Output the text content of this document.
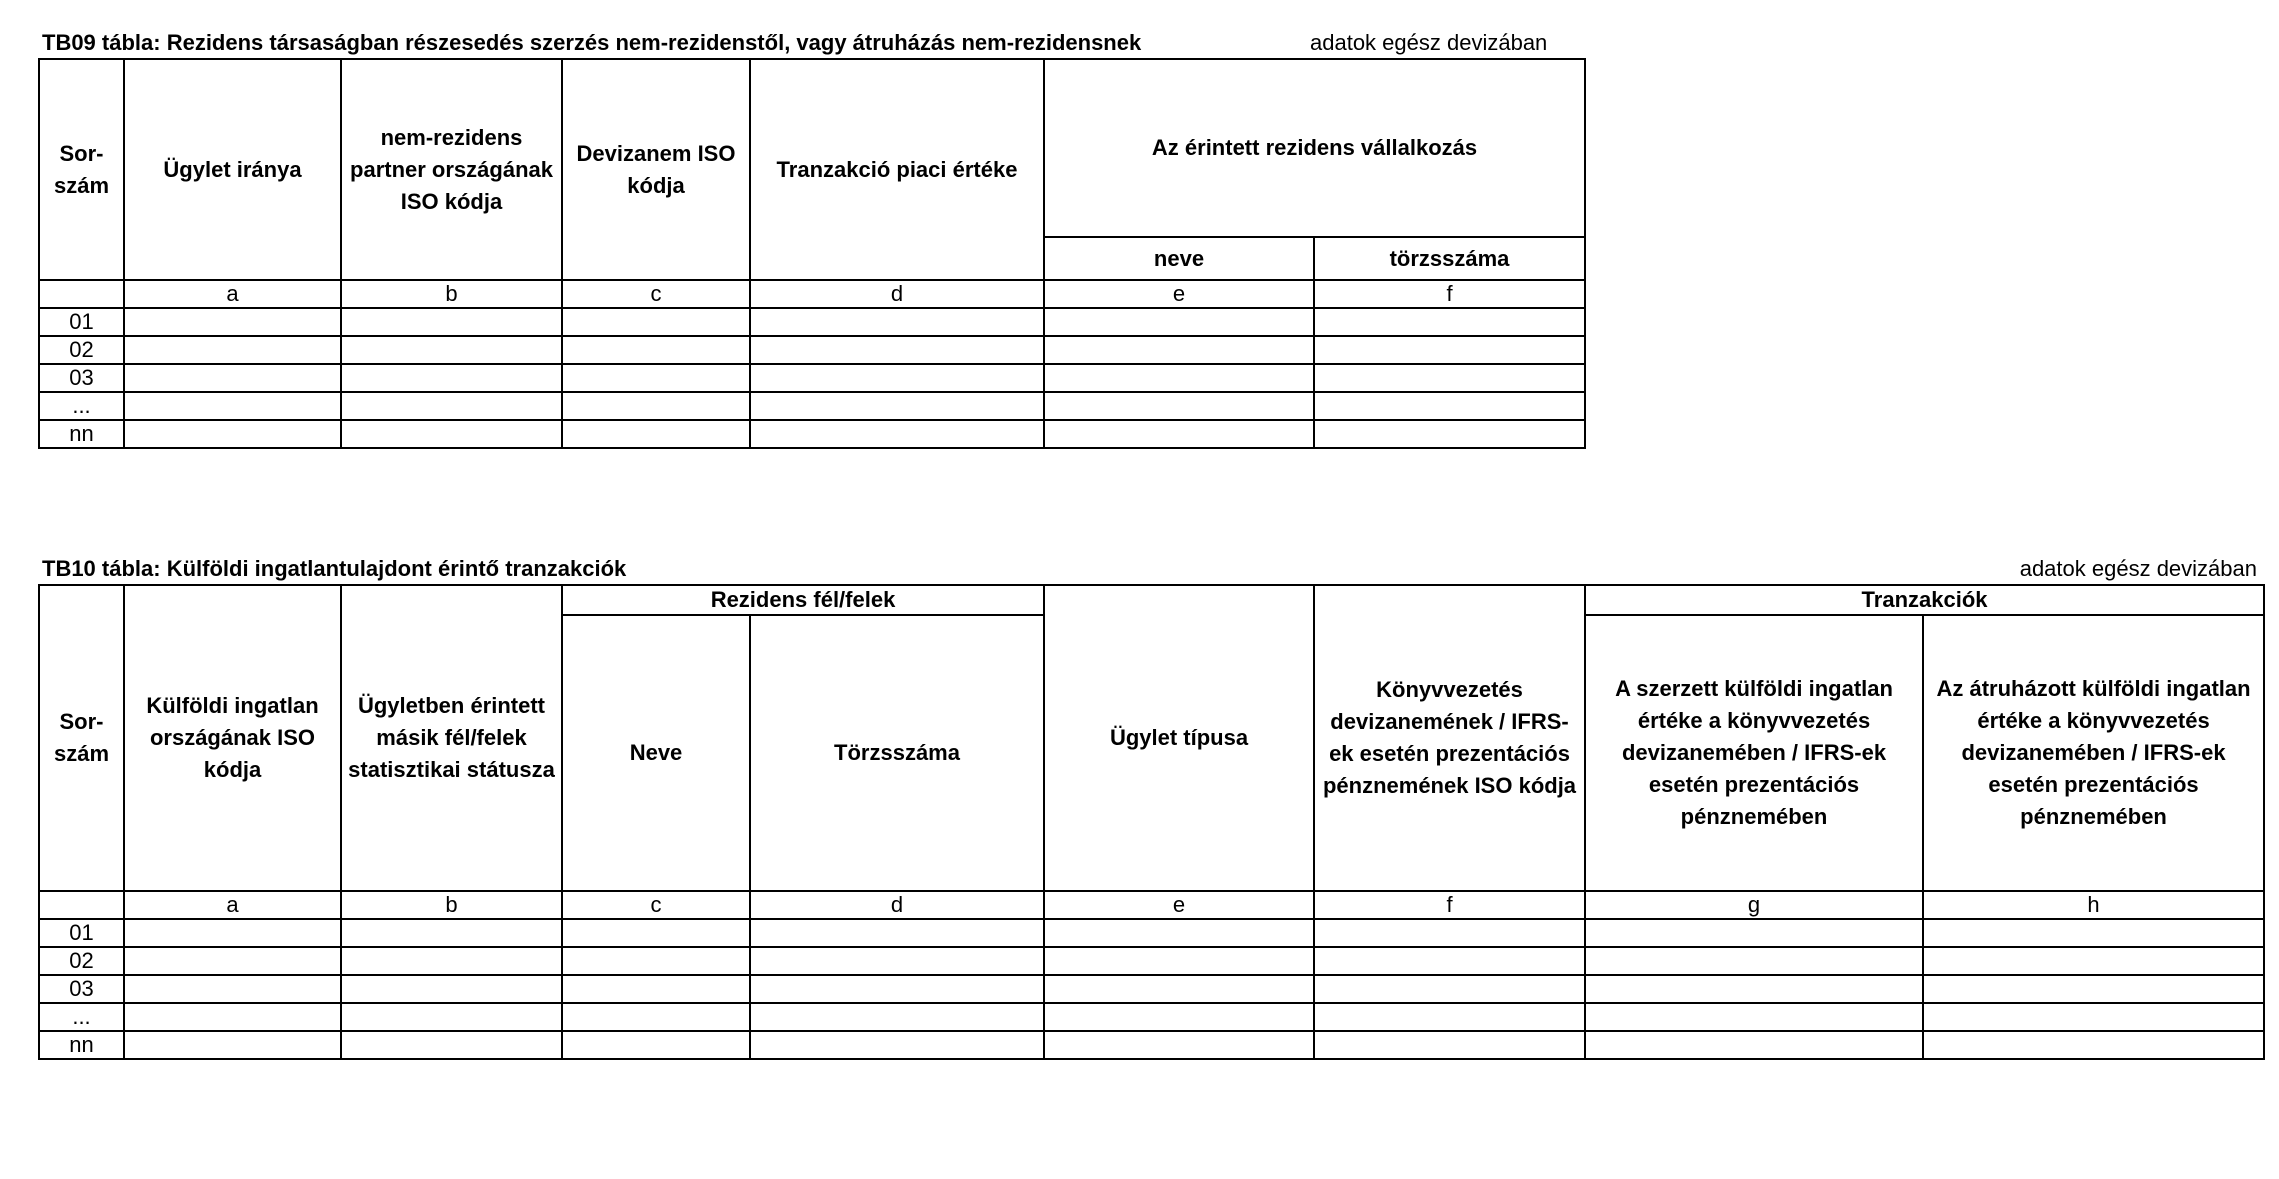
TB09 tábla: Rezidens társaságban részesedés szerzés nem-rezidenstől, vagy átruházás nem-rezidensnek	adatok egész devizában
Sor-
szám	Ügylet iránya	nem-rezidens partner országának ISO kódja	Devizanem ISO kódja	Tranzakció piaci értéke	Az érintett rezidens vállalkozás	
					neve	törzsszáma
	a	b	c	d	e	f
01						
02						
03						
...						
nn						
TB10 tábla: Külföldi ingatlantulajdont érintő tranzakciók	adatok egész devizában
Sor-
szám	Külföldi ingatlan országának ISO kódja	Ügyletben érintett másik fél/felek statisztikai státusza	Rezidens fél/felek		Ügylet típusa	Könyvvezetés devizanemének / IFRS-ek esetén prezentációs pénznemének ISO kódja	Tranzakciók	
			Neve	Törzsszáma			A szerzett külföldi ingatlan értéke a könyvvezetés devizanemében / IFRS-ek esetén prezentációs pénznemében	Az átruházott külföldi ingatlan értéke a könyvvezetés devizanemében / IFRS-ek esetén prezentációs pénznemében
	a	b	c	d	e	f	g	h
01								
02								
03								
...								
nn								
